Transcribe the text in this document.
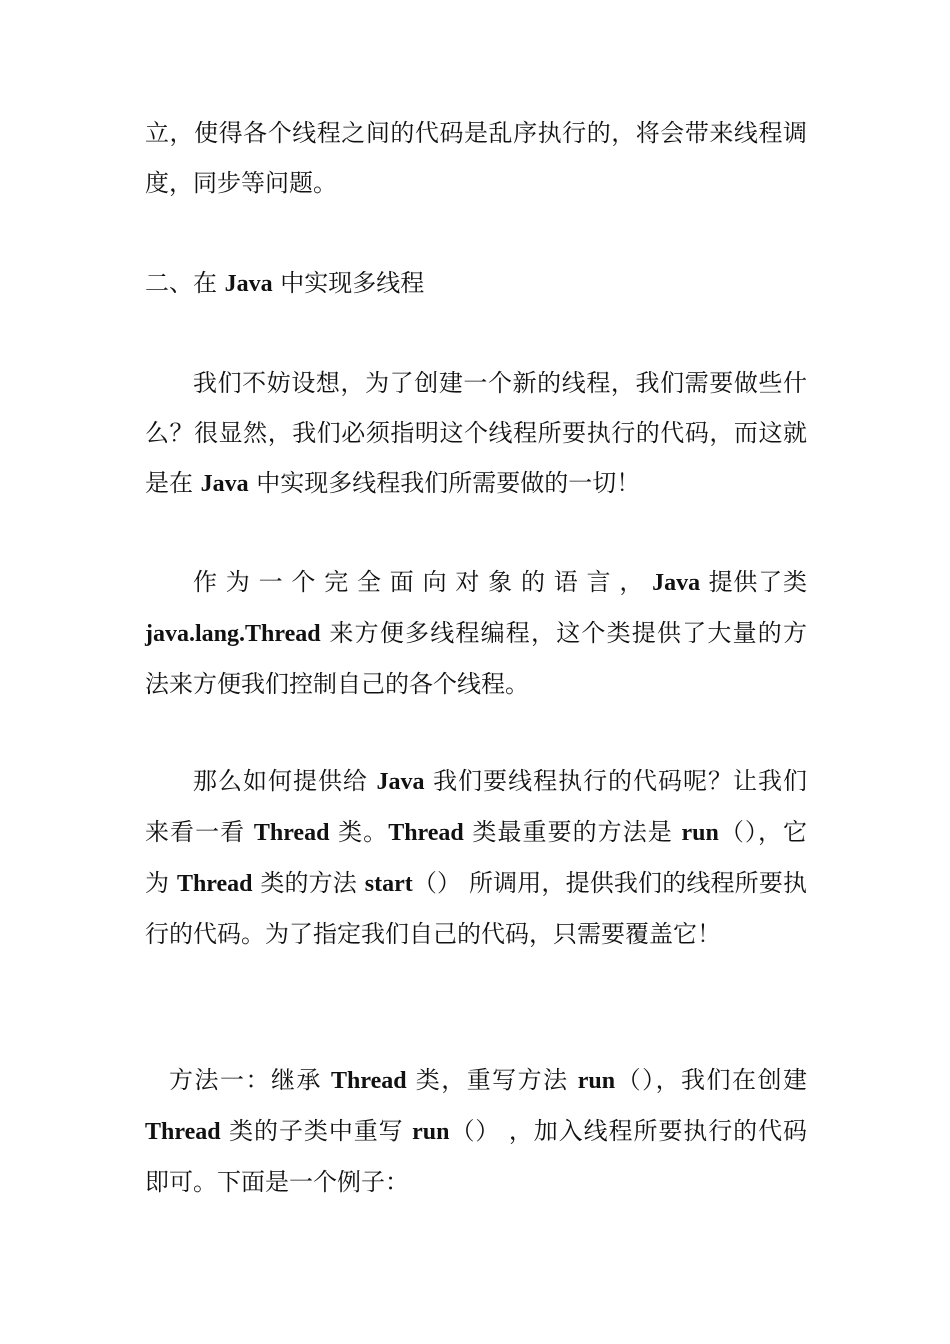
立，使得各个线程之间的代码是乱序执行的，将会带来线程调度，同步等问题。

二、在 Java 中实现多线程

我们不妨设想，为了创建一个新的线程，我们需要做些什么？很显然，我们必须指明这个线程所要执行的代码，而这就是在 Java 中实现多线程我们所需要做的一切！

作为一个完全面向对象的语言，Java 提供了类 java.lang.Thread 来方便多线程编程，这个类提供了大量的方法来方便我们控制自己的各个线程。

那么如何提供给 Java 我们要线程执行的代码呢？让我们来看一看 Thread 类。Thread 类最重要的方法是 run（），它为 Thread 类的方法 start（） 所调用，提供我们的线程所要执行的代码。为了指定我们自己的代码，只需要覆盖它！

方法一：继承 Thread 类，重写方法 run（），我们在创建 Thread 类的子类中重写 run（） ，加入线程所要执行的代码即可。下面是一个例子：
